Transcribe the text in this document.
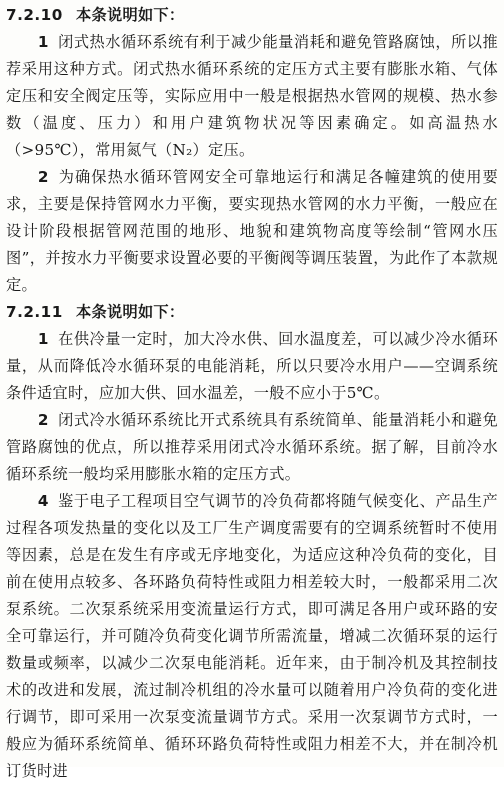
7.2.10 本条说明如下：

1 闭式热水循环系统有利于减少能量消耗和避免管路腐蚀，所以推荐采用这种方式。闭式热水循环系统的定压方式主要有膨胀水箱、气体定压和安全阀定压等，实际应用中一般是根据热水管网的规模、热水参数（温度、压力）和用户建筑物状况等因素确定。如高温热水（>95℃），常用氮气（N₂）定压。

2 为确保热水循环管网安全可靠地运行和满足各幢建筑的使用要求，主要是保持管网水力平衡，要实现热水管网的水力平衡，一般应在设计阶段根据管网范围的地形、地貌和建筑物高度等绘制“管网水压图”，并按水力平衡要求设置必要的平衡阀等调压装置，为此作了本款规定。

7.2.11 本条说明如下：

1 在供冷量一定时，加大冷水供、回水温度差，可以减少冷水循环量，从而降低冷水循环泵的电能消耗，所以只要冷水用户——空调系统条件适宜时，应加大供、回水温差，一般不应小于5℃。

2 闭式冷水循环系统比开式系统具有系统简单、能量消耗小和避免管路腐蚀的优点，所以推荐采用闭式冷水循环系统。据了解，目前冷水循环系统一般均采用膨胀水箱的定压方式。

4 鉴于电子工程项目空气调节的冷负荷都将随气候变化、产品生产过程各项发热量的变化以及工厂生产调度需要有的空调系统暂时不使用等因素，总是在发生有序或无序地变化，为适应这种冷负荷的变化，目前在使用点较多、各环路负荷特性或阻力相差较大时，一般都采用二次泵系统。二次泵系统采用变流量运行方式，即可满足各用户或环路的安全可靠运行，并可随冷负荷变化调节所需流量，增减二次循环泵的运行数量或频率，以减少二次泵电能消耗。近年来，由于制冷机及其控制技术的改进和发展，流过制冷机组的冷水量可以随着用户冷负荷的变化进行调节，即可采用一次泵变流量调节方式。采用一次泵调节方式时，一般应为循环系统简单、循环环路负荷特性或阻力相差不大，并在制冷机订货时进
